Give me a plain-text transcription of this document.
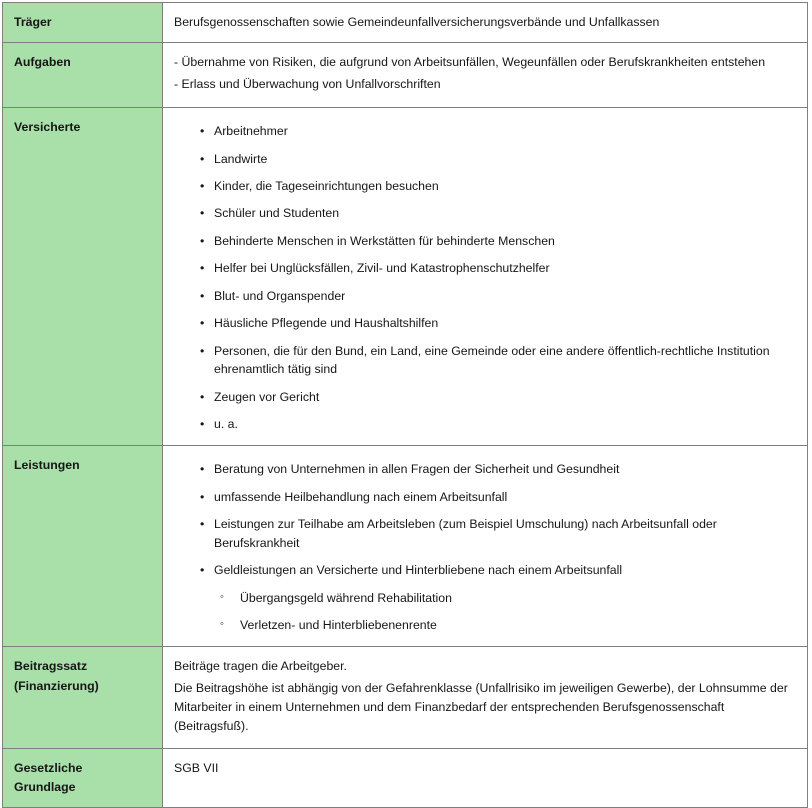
Träger	Berufsgenossenschaften sowie Gemeindeunfallversicherungsverbände und Unfallkassen

Aufgaben	- Übernahme von Risiken, die aufgrund von Arbeitsunfällen, Wegeunfällen oder Berufskrankheiten entstehen
- Erlass und Überwachung von Unfallvorschriften

Versicherte	• Arbeitnehmer
• Landwirte
• Kinder, die Tageseinrichtungen besuchen
• Schüler und Studenten
• Behinderte Menschen in Werkstätten für behinderte Menschen
• Helfer bei Unglücksfällen, Zivil- und Katastrophenschutzhelfer
• Blut- und Organspender
• Häusliche Pflegende und Haushaltshilfen
• Personen, die für den Bund, ein Land, eine Gemeinde oder eine andere öffentlich-rechtliche Institution ehrenamtlich tätig sind
• Zeugen vor Gericht
• u. a.

Leistungen	• Beratung von Unternehmen in allen Fragen der Sicherheit und Gesundheit
• umfassende Heilbehandlung nach einem Arbeitsunfall
• Leistungen zur Teilhabe am Arbeitsleben (zum Beispiel Umschulung) nach Arbeitsunfall oder Berufskrankheit
• Geldleistungen an Versicherte und Hinterbliebene nach einem Arbeitsunfall
◦ Übergangsgeld während Rehabilitation
◦ Verletzen- und Hinterbliebenenrente

Beitragssatz
(Finanzierung)	Beiträge tragen die Arbeitgeber.
Die Beitragshöhe ist abhängig von der Gefahrenklasse (Unfallrisiko im jeweiligen Gewerbe), der Lohnsumme der Mitarbeiter in einem Unternehmen und dem Finanzbedarf der entsprechenden Berufsgenossenschaft (Beitragsfuß).

Gesetzliche
Grundlage	SGB VII
